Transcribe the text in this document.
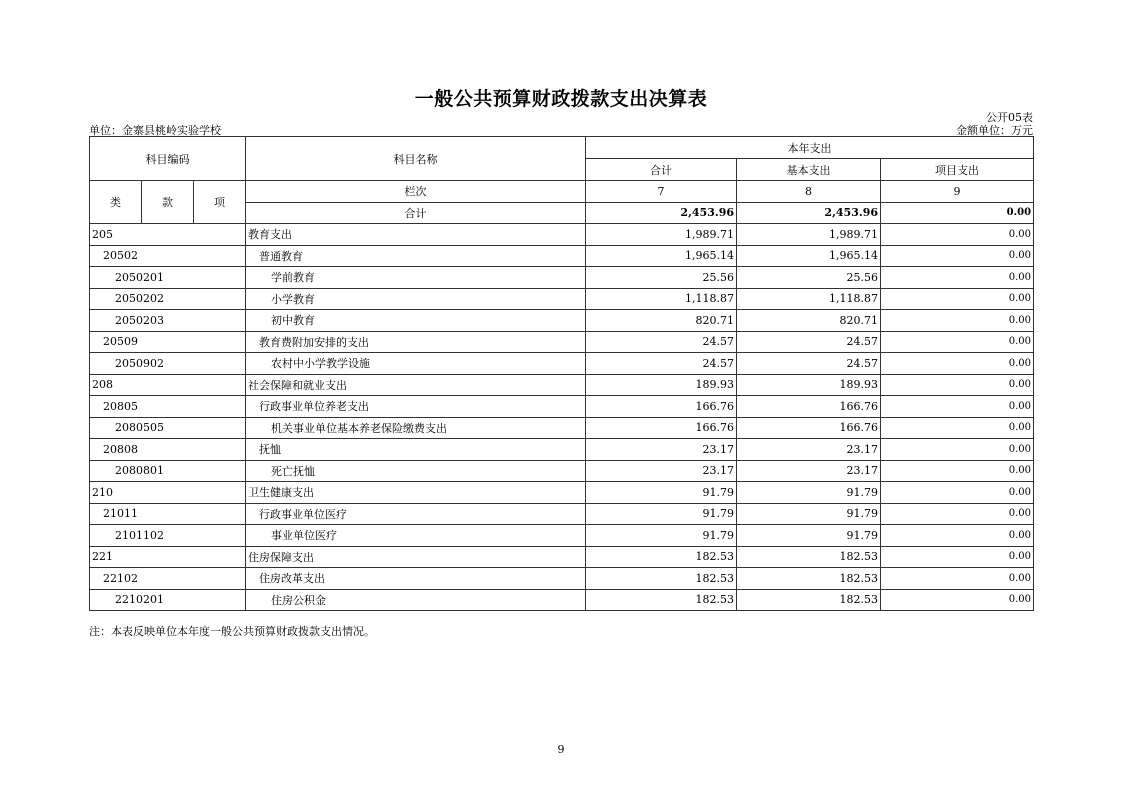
一般公共预算财政拨款支出决算表
公开05表
单位：金寨县桃岭实验学校	金额单位：万元
科目编码			科目名称	本年支出		
				合计	基本支出	项目支出
类	款	项	栏次	7	8	9
			合计	2,453.96	2,453.96	0.00
205			教育支出	1,989.71	1,989.71	0.00
20502			普通教育	1,965.14	1,965.14	0.00
2050201			学前教育	25.56	25.56	0.00
2050202			小学教育	1,118.87	1,118.87	0.00
2050203			初中教育	820.71	820.71	0.00
20509			教育费附加安排的支出	24.57	24.57	0.00
2050902			农村中小学教学设施	24.57	24.57	0.00
208			社会保障和就业支出	189.93	189.93	0.00
20805			行政事业单位养老支出	166.76	166.76	0.00
2080505			机关事业单位基本养老保险缴费支出	166.76	166.76	0.00
20808			抚恤	23.17	23.17	0.00
2080801			死亡抚恤	23.17	23.17	0.00
210			卫生健康支出	91.79	91.79	0.00
21011			行政事业单位医疗	91.79	91.79	0.00
2101102			事业单位医疗	91.79	91.79	0.00
221			住房保障支出	182.53	182.53	0.00
22102			住房改革支出	182.53	182.53	0.00
2210201			住房公积金	182.53	182.53	0.00
注：本表反映单位本年度一般公共预算财政拨款支出情况。
9
